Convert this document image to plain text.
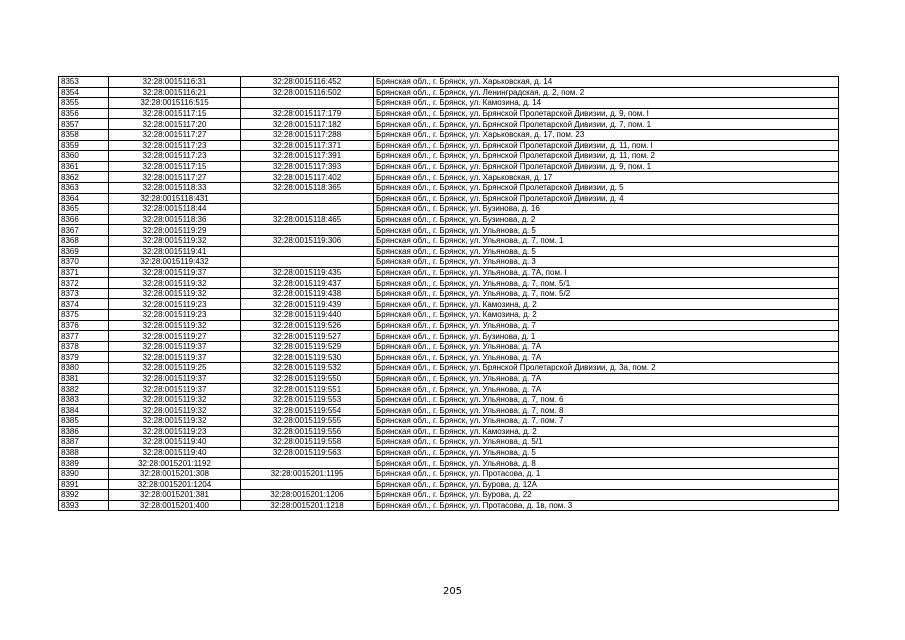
8353	32:28:0015116:31	32:28:0015116:452	Брянская обл., г. Брянск, ул. Харьковская, д. 14
8354	32:28:0015116:21	32:28:0015116:502	Брянская обл., г. Брянск, ул. Ленинградская, д. 2, пом. 2
8355	32:28:0015116:515		Брянская обл., г. Брянск, ул. Камозина, д. 14
8356	32:28:0015117:15	32:28:0015117:179	Брянская обл., г. Брянск, ул. Брянской Пролетарской Дивизии, д. 9, пом. I
8357	32:28:0015117:20	32:28:0015117:182	Брянская обл., г. Брянск, ул. Брянской Пролетарской Дивизии, д. 7, пом. 1
8358	32:28:0015117:27	32:28:0015117:288	Брянская обл., г. Брянск, ул. Харьковская, д. 17, пом. 23
8359	32:28:0015117:23	32:28:0015117:371	Брянская обл., г. Брянск, ул. Брянской Пролетарской Дивизии, д. 11, пом. I
8360	32:28:0015117:23	32:28:0015117:391	Брянская обл., г. Брянск, ул. Брянской Пролетарской Дивизии, д. 11, пом. 2
8361	32:28:0015117:15	32:28:0015117:393	Брянская обл., г. Брянск, ул. Брянской Пролетарской Дивизии, д. 9, пом. 1
8362	32:28:0015117:27	32:28:0015117:402	Брянская обл., г. Брянск, ул. Харьковская, д. 17
8363	32:28:0015118:33	32:28:0015118:365	Брянская обл., г. Брянск, ул. Брянской Пролетарской Дивизии, д. 5
8364	32:28:0015118:431		Брянская обл., г. Брянск, ул. Брянской Пролетарской Дивизии, д. 4
8365	32:28:0015118:44		Брянская обл., г. Брянск, ул. Бузинова, д. 16
8366	32:28:0015118:36	32:28:0015118:465	Брянская обл., г. Брянск, ул. Бузинова, д. 2
8367	32:28:0015119:29		Брянская обл., г. Брянск, ул. Ульянова, д. 5
8368	32:28:0015119:32	32:28:0015119:306	Брянская обл., г. Брянск, ул. Ульянова, д. 7, пом. 1
8369	32:28:0015119:41		Брянская обл., г. Брянск, ул. Ульянова, д. 5
8370	32:28:0015119:432		Брянская обл., г. Брянск, ул. Ульянова, д. 3
8371	32:28:0015119:37	32:28:0015119:435	Брянская обл., г. Брянск, ул. Ульянова, д. 7А, пом. I
8372	32:28:0015119:32	32:28:0015119:437	Брянская обл., г. Брянск, ул. Ульянова, д. 7, пом. 5/1
8373	32:28:0015119:32	32:28:0015119:438	Брянская обл., г. Брянск, ул. Ульянова, д. 7, пом. 5/2
8374	32:28:0015119:23	32:28:0015119:439	Брянская обл., г. Брянск, ул. Камозина, д. 2
8375	32:28:0015119:23	32:28:0015119:440	Брянская обл., г. Брянск, ул. Камозина, д. 2
8376	32:28:0015119:32	32:28:0015119:526	Брянская обл., г. Брянск, ул. Ульянова, д. 7
8377	32:28:0015119:27	32:28:0015119:527	Брянская обл., г. Брянск, ул. Бузинова, д. 1
8378	32:28:0015119:37	32:28:0015119:529	Брянская обл., г. Брянск, ул. Ульянова, д. 7А
8379	32:28:0015119:37	32:28:0015119:530	Брянская обл., г. Брянск, ул. Ульянова, д. 7А
8380	32:28:0015119:25	32:28:0015119:532	Брянская обл., г. Брянск, ул. Брянской Пролетарской Дивизии, д. 3а, пом. 2
8381	32:28:0015119:37	32:28:0015119:550	Брянская обл., г. Брянск, ул. Ульянова, д. 7А
8382	32:28:0015119:37	32:28:0015119:551	Брянская обл., г. Брянск, ул. Ульянова, д. 7А
8383	32:28:0015119:32	32:28:0015119:553	Брянская обл., г. Брянск, ул. Ульянова, д. 7, пом. 6
8384	32:28:0015119:32	32:28:0015119:554	Брянская обл., г. Брянск, ул. Ульянова, д. 7, пом. 8
8385	32:28:0015119:32	32:28:0015119:555	Брянская обл., г. Брянск, ул. Ульянова, д. 7, пом. 7
8386	32:28:0015119:23	32:28:0015119:556	Брянская обл., г. Брянск, ул. Камозина, д. 2
8387	32:28:0015119:40	32:28:0015119:558	Брянская обл., г. Брянск, ул. Ульянова, д. 5/1
8388	32:28:0015119:40	32:28:0015119:563	Брянская обл., г. Брянск, ул. Ульянова, д. 5
8389	32:28:0015201:1192		Брянская обл., г. Брянск, ул. Ульянова, д. 8
8390	32:28:0015201:308	32:28:0015201:1195	Брянская обл., г. Брянск, ул. Протасова, д. 1
8391	32:28:0015201:1204		Брянская обл., г. Брянск, ул. Бурова, д. 12А
8392	32:28:0015201:381	32:28:0015201:1206	Брянская обл., г. Брянск, ул. Бурова, д. 22
8393	32:28:0015201:400	32:28:0015201:1218	Брянская обл., г. Брянск, ул. Протасова, д. 1в, пом. 3
205
